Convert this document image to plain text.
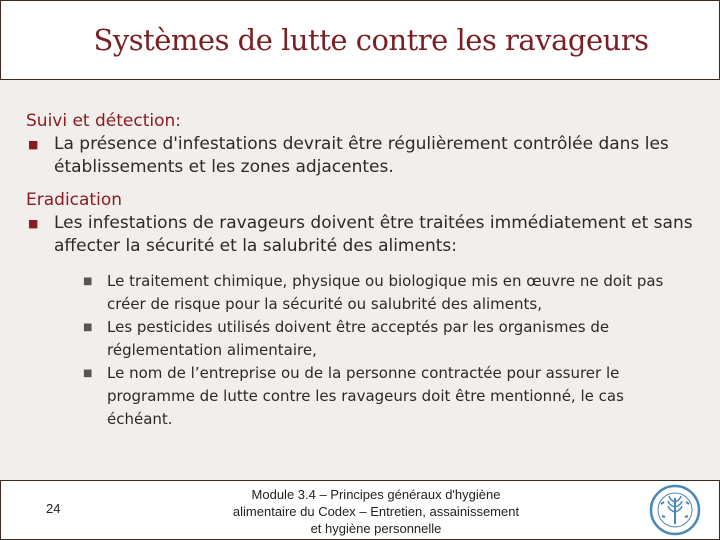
Systèmes de lutte contre les ravageurs
Suivi et détection:
■ La présence d'infestations devrait être régulièrement contrôlée dans les établissements et les zones adjacentes.
Eradication
■ Les infestations de ravageurs doivent être traitées immédiatement et sans affecter la sécurité et la salubrité des aliments:
■ Le traitement chimique, physique ou biologique mis en œuvre ne doit pas créer de risque pour la sécurité ou salubrité des aliments,
■ Les pesticides utilisés doivent être acceptés par les organismes de réglementation alimentaire,
■ Le nom de l’entreprise ou de la personne contractée pour assurer le programme de lutte contre les ravageurs doit être mentionné, le cas échéant.
24
Module 3.4 – Principes généraux d'hygiène alimentaire du Codex – Entretien, assainissement et hygiène personnelle
